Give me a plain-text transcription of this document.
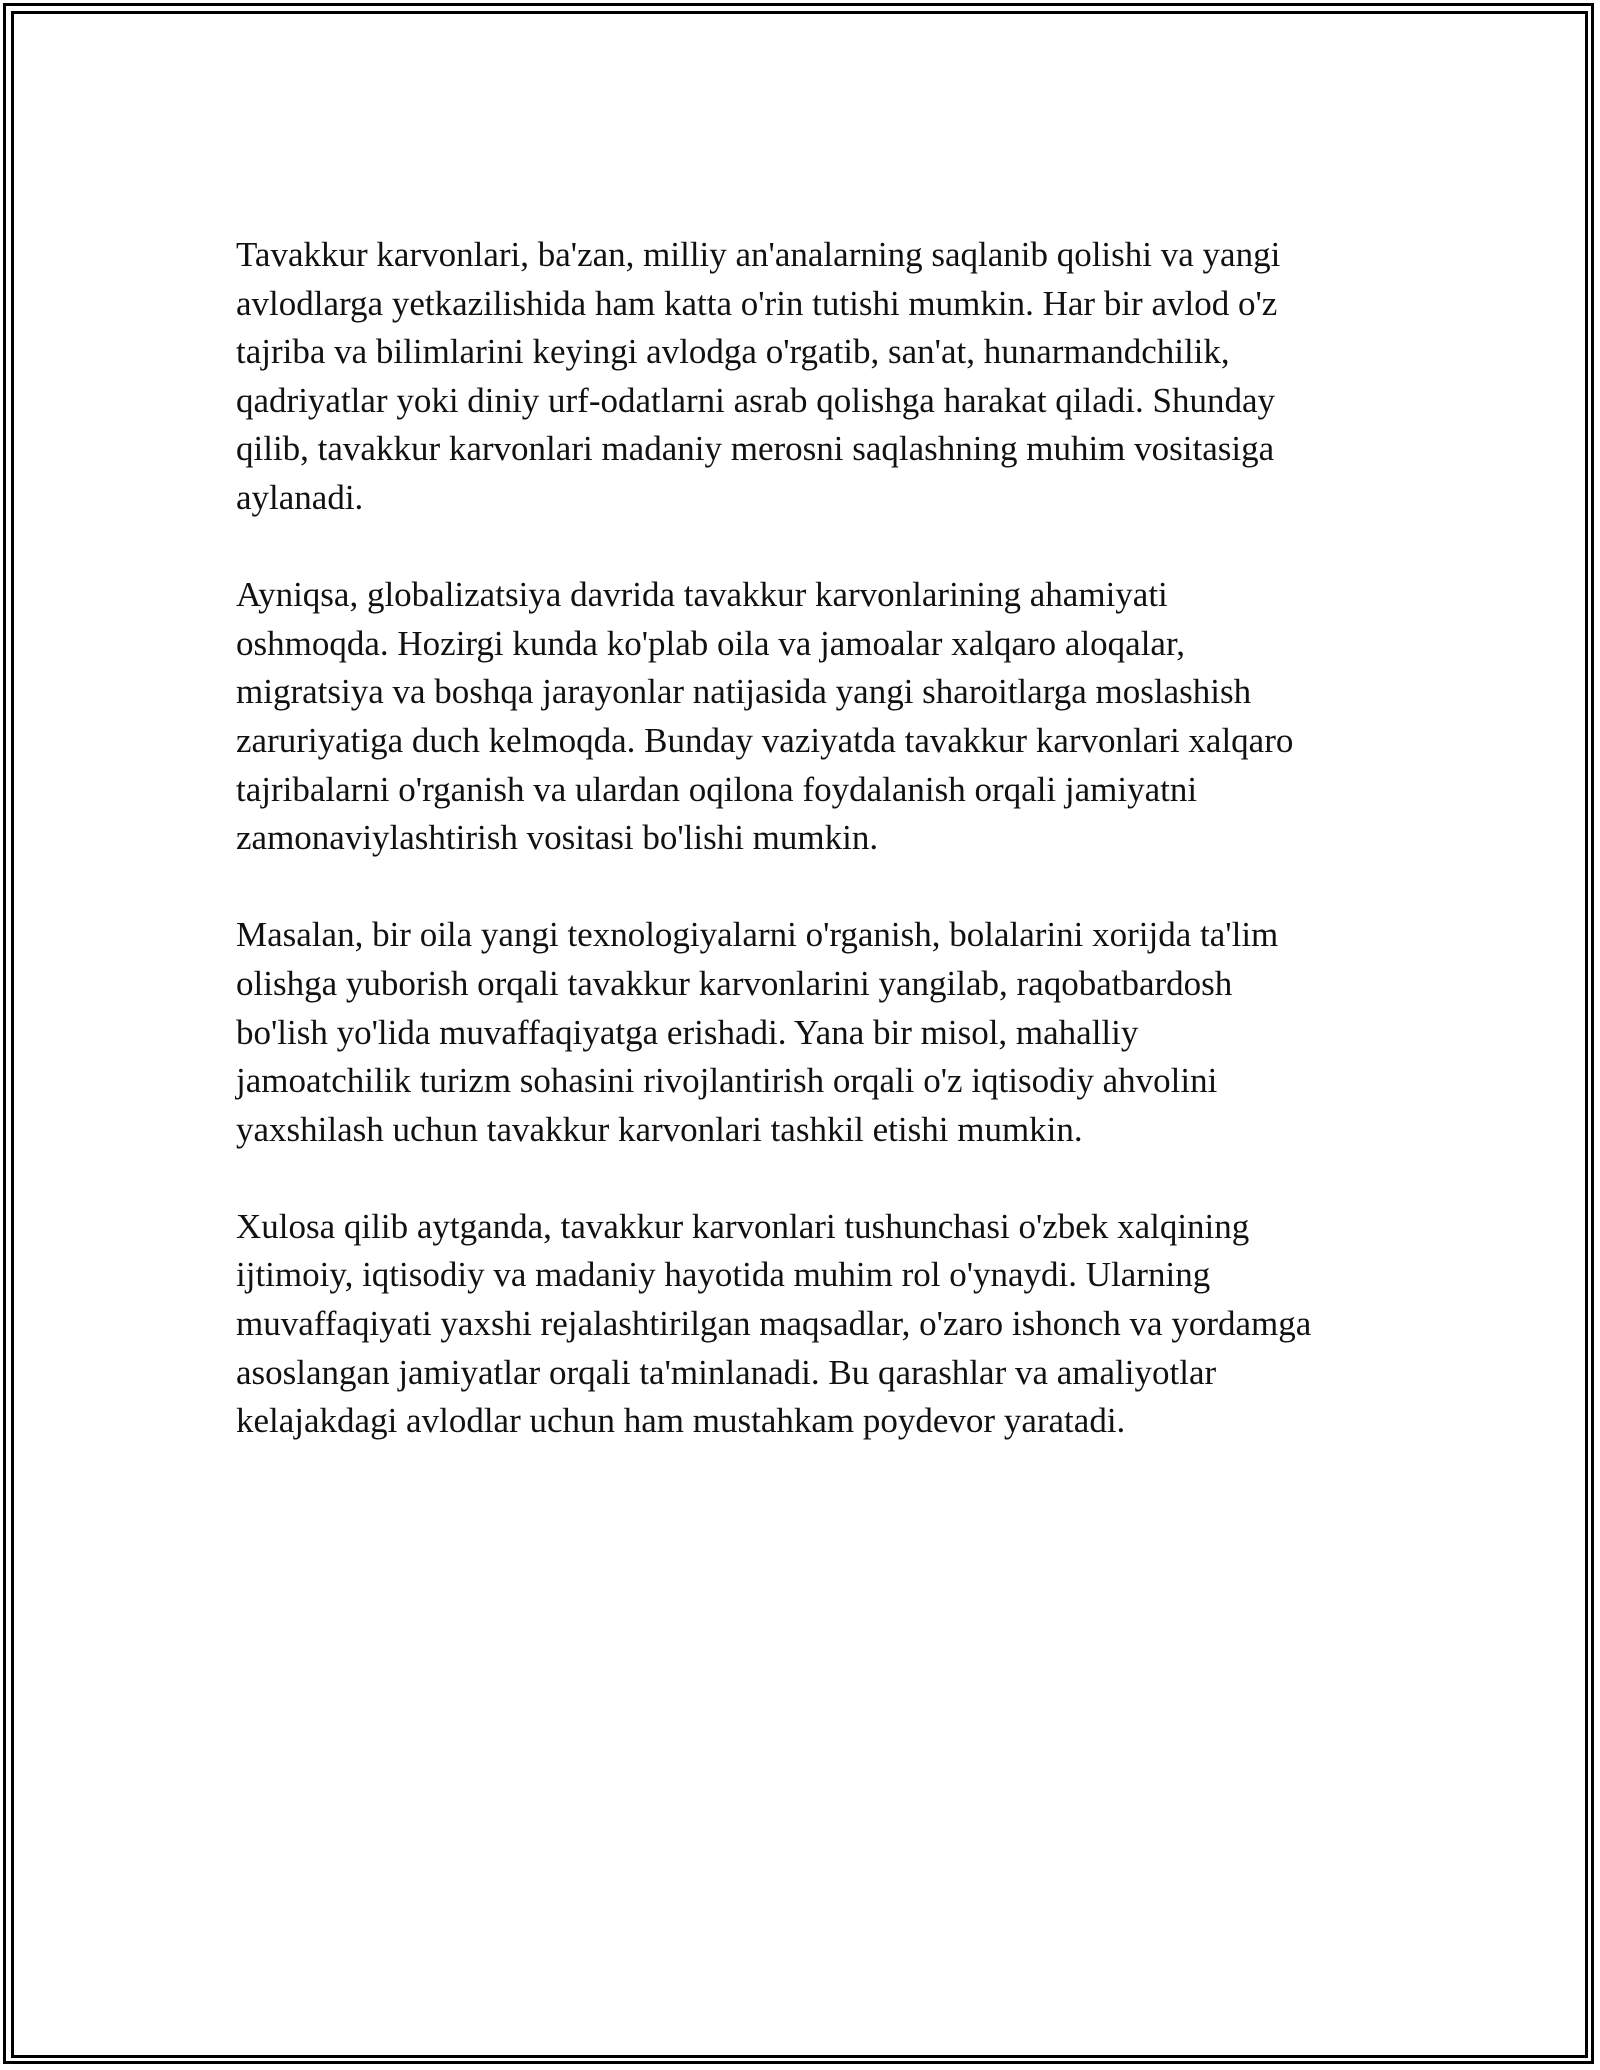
Tavakkur karvonlari, ba'zan, milliy an'analarning saqlanib qolishi va yangi
avlodlarga yetkazilishida ham katta o'rin tutishi mumkin. Har bir avlod o'z
tajriba va bilimlarini keyingi avlodga o'rgatib, san'at, hunarmandchilik,
qadriyatlar yoki diniy urf-odatlarni asrab qolishga harakat qiladi. Shunday
qilib, tavakkur karvonlari madaniy merosni saqlashning muhim vositasiga
aylanadi.

Ayniqsa, globalizatsiya davrida tavakkur karvonlarining ahamiyati
oshmoqda. Hozirgi kunda ko'plab oila va jamoalar xalqaro aloqalar,
migratsiya va boshqa jarayonlar natijasida yangi sharoitlarga moslashish
zaruriyatiga duch kelmoqda. Bunday vaziyatda tavakkur karvonlari xalqaro
tajribalarni o'rganish va ulardan oqilona foydalanish orqali jamiyatni
zamonaviylashtirish vositasi bo'lishi mumkin.

Masalan, bir oila yangi texnologiyalarni o'rganish, bolalarini xorijda ta'lim
olishga yuborish orqali tavakkur karvonlarini yangilab, raqobatbardosh
bo'lish yo'lida muvaffaqiyatga erishadi. Yana bir misol, mahalliy
jamoatchilik turizm sohasini rivojlantirish orqali o'z iqtisodiy ahvolini
yaxshilash uchun tavakkur karvonlari tashkil etishi mumkin.

Xulosa qilib aytganda, tavakkur karvonlari tushunchasi o'zbek xalqining
ijtimoiy, iqtisodiy va madaniy hayotida muhim rol o'ynaydi. Ularning
muvaffaqiyati yaxshi rejalashtirilgan maqsadlar, o'zaro ishonch va yordamga
asoslangan jamiyatlar orqali ta'minlanadi. Bu qarashlar va amaliyotlar
kelajakdagi avlodlar uchun ham mustahkam poydevor yaratadi.
